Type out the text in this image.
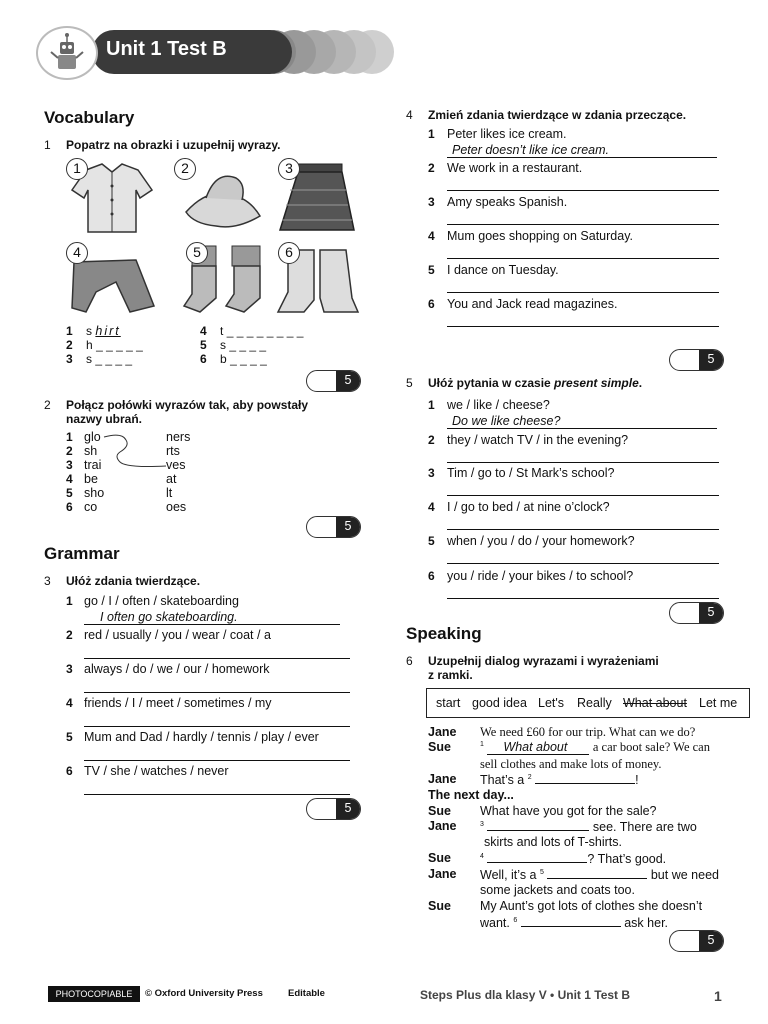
Unit 1 Test B
Vocabulary
1 Popatrz na obrazki i uzupełnij wyrazy.
1	2	3
4	5	6
1 s hirt
2 h _ _ _ _ _
3 s _ _ _ _
4 t _ _ _ _ _ _ _ _
5 s _ _ _ _
6 b _ _ _ _
5
2 Połącz połówki wyrazów tak, aby powstały
nazwy ubrań.
1 glo	ners
2 sh	rts
3 trai	ves
4 be	at
5 sho	lt
6 co	oes
5
Grammar
3 Ułóż zdania twierdzące.
1 go / I / often / skateboarding
I often go skateboarding.
2 red / usually / you / wear / coat / a
3 always / do / we / our / homework
4 friends / I / meet / sometimes / my
5 Mum and Dad / hardly / tennis / play / ever
6 TV / she / watches / never
5
4 Zmień zdania twierdzące w zdania przeczące.
1 Peter likes ice cream.
Peter doesn’t like ice cream.
2 We work in a restaurant.
3 Amy speaks Spanish.
4 Mum goes shopping on Saturday.
5 I dance on Tuesday.
6 You and Jack read magazines.
5
5 Ułóż pytania w czasie present simple.
1 we / like / cheese?
Do we like cheese?
2 they / watch TV / in the evening?
3 Tim / go to / St Mark’s school?
4 I / go to bed / at nine o’clock?
5 when / you / do / your homework?
6 you / ride / your bikes / to school?
5
Speaking
6 Uzupełnij dialog wyrazami i wyrażeniami
z ramki.
start good idea Let's Really What about Let me
Jane We need £60 for our trip. What can we do?
Sue	$^1$ What about a car boot sale? We can
sell clothes and make lots of money.
Jane That’s a $^2$	!
The next day...
Sue What have you got for the sale?
Jane	$^3$	see. There are two
skirts and lots of T-shirts.
Sue	$^4$	? That’s good.
Jane Well, it’s a $^5$	but we need
some jackets and coats too.
Sue My Aunt’s got lots of clothes she doesn’t
want. $^6$	ask her.
5
PHOTOCOPIABLE	© Oxford University Press	Editable	Steps Plus dla klasy V • Unit 1 Test B	1
